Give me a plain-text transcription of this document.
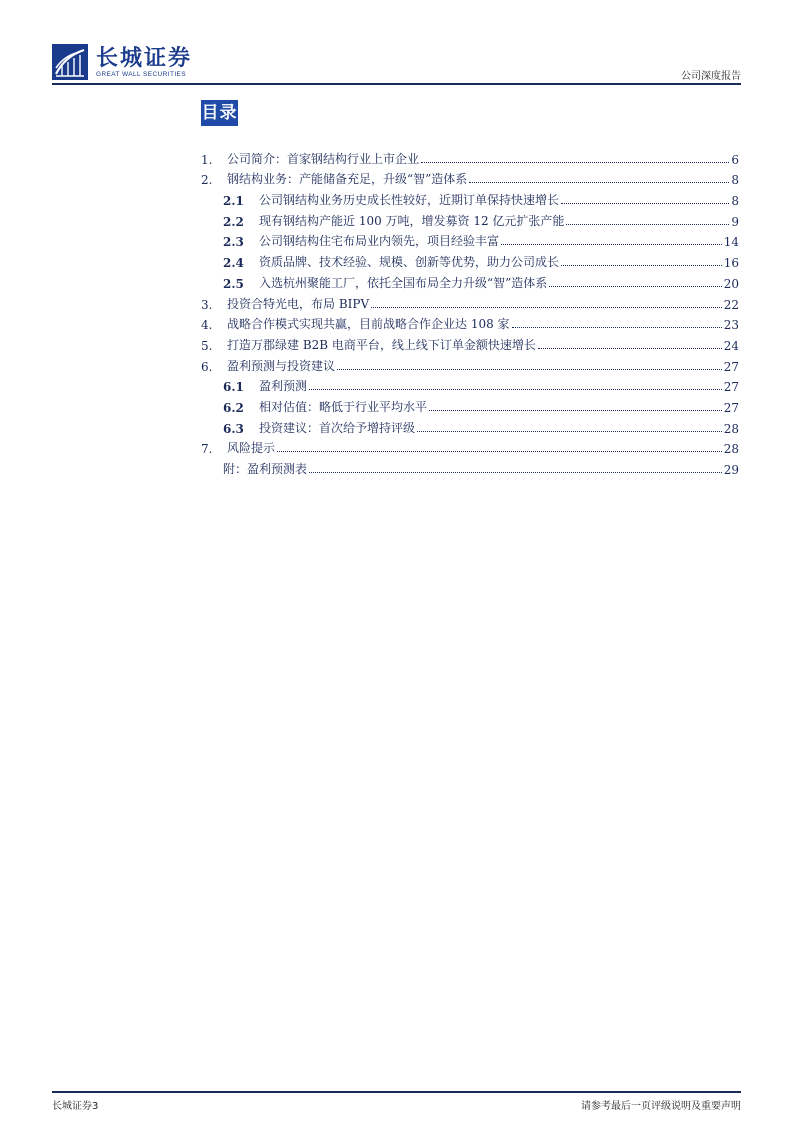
长城证券
GREAT WALL SECURITIES	公司深度报告
目录
1.	公司简介：首家钢结构行业上市企业	6
2.	钢结构业务：产能储备充足，升级“智”造体系	8
2.1	公司钢结构业务历史成长性较好，近期订单保持快速增长	8
2.2	现有钢结构产能近 100 万吨，增发募资 12 亿元扩张产能	9
2.3	公司钢结构住宅布局业内领先，项目经验丰富	14
2.4	资质品牌、技术经验、规模、创新等优势，助力公司成长	16
2.5	入选杭州聚能工厂，依托全国布局全力升级“智”造体系	20
3.	投资合特光电，布局 BIPV	22
4.	战略合作模式实现共赢，目前战略合作企业达 108 家	23
5.	打造万郡绿建 B2B 电商平台，线上线下订单金额快速增长	24
6.	盈利预测与投资建议	27
6.1	盈利预测	27
6.2	相对估值：略低于行业平均水平	27
6.3	投资建议：首次给予增持评级	28
7.	风险提示	28
附：盈利预测表	29
长城证券3	请参考最后一页评级说明及重要声明
